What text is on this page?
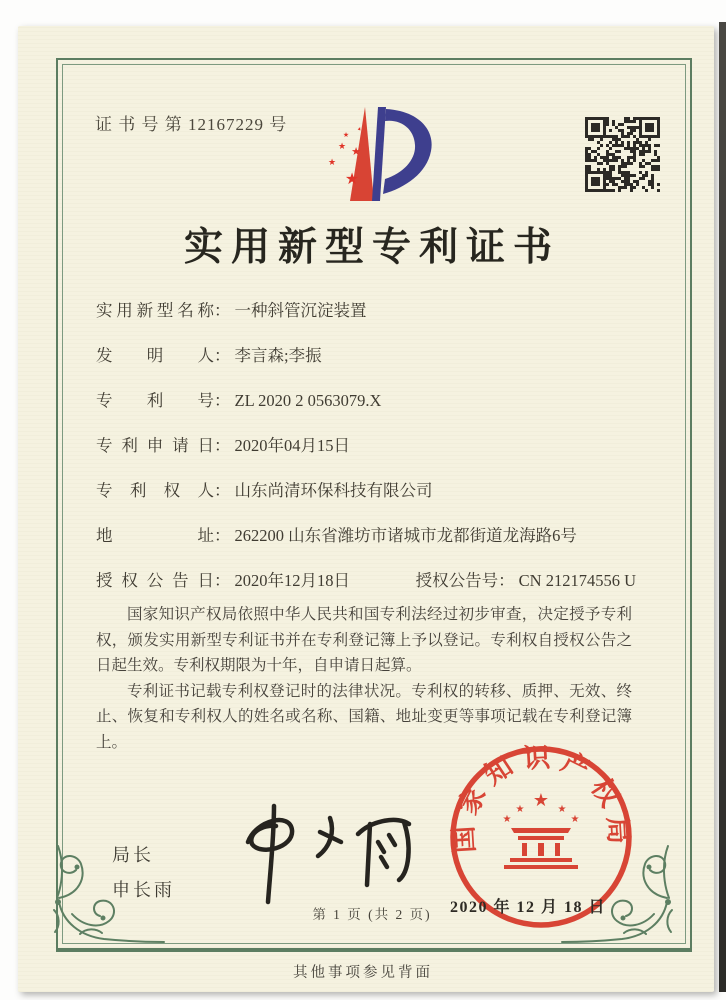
证 书 号 第 12167229 号
★
★
★
★
★
▴
实用新型专利证书
实用新型名称： 一种斜管沉淀装置
发明人： 李言森;李振
专利号： ZL 2020 2 0563079.X
专利申请日： 2020年04月15日
专利权人： 山东尚清环保科技有限公司
地址： 262200 山东省潍坊市诸城市龙都街道龙海路6号
授权公告日： 2020年12月18日	授权公告号： CN 212174556 U

国家知识产权局依照中华人民共和国专利法经过初步审查，决定授予专利权，颁发实用新型专利证书并在专利登记簿上予以登记。专利权自授权公告之日起生效。专利权期限为十年，自申请日起算。

专利证书记载专利权登记时的法律状况。专利权的转移、质押、无效、终止、恢复和专利权人的姓名或名称、国籍、地址变更等事项记载在专利登记簿上。

局长
申长雨
国家知识产权局
★
★	★
★	★
2020 年 12 月 18 日
第 1 页 (共 2 页)
其他事项参见背面
